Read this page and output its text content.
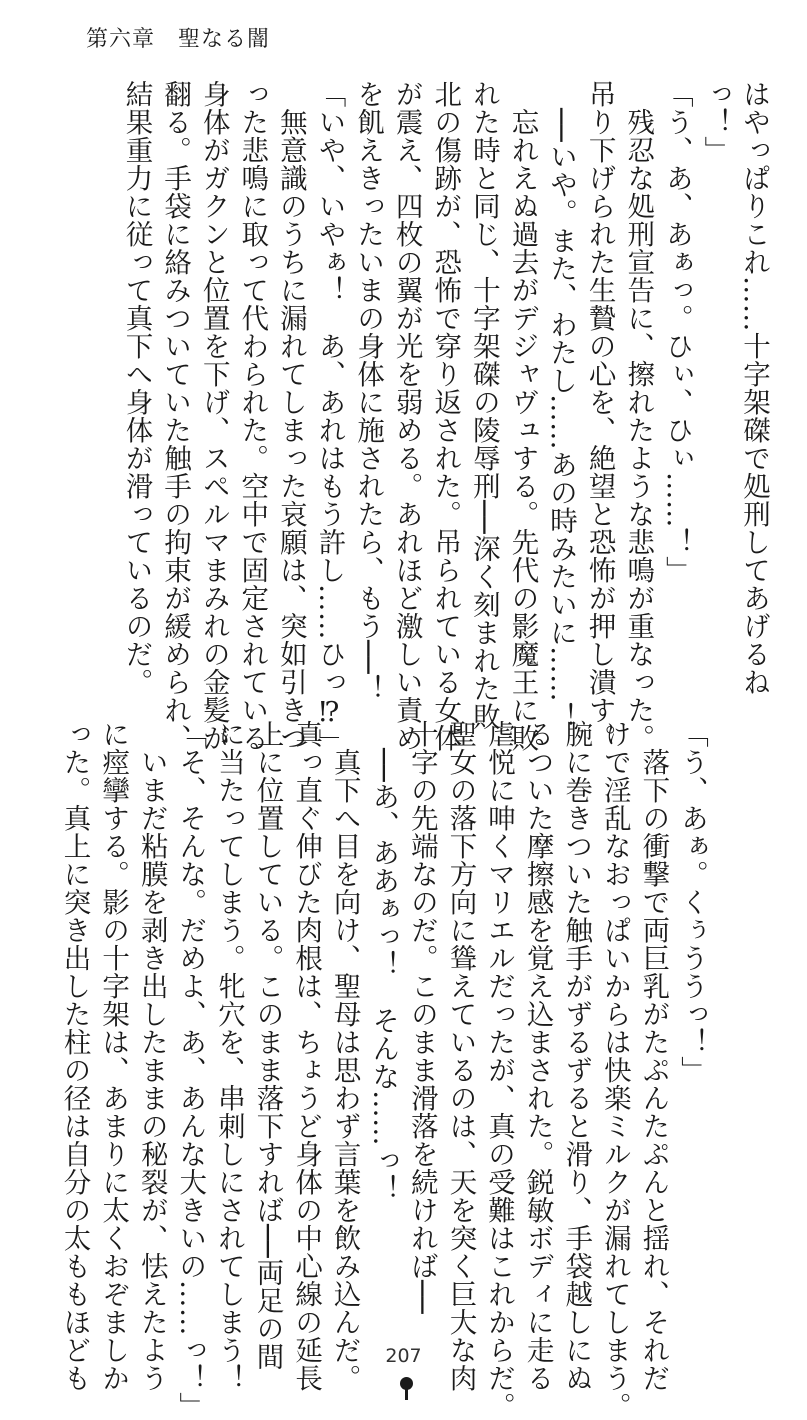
第六章　聖なる闇

はやっぱりこれ……十字架磔で処刑してあげるね

っ！」

「う、あ、あぁっ。ひぃ、ひぃ……！」

　残忍な処刑宣告に、擦れたような悲鳴が重なった。

吊り下げられた生贄の心を、絶望と恐怖が押し潰す。

　──いや。また、わたし……あの時みたいに……！

　忘れえぬ過去がデジャヴュする。先代の影魔王に敗

れた時と同じ、十字架磔の陵辱刑──深く刻まれた敗

北の傷跡が、恐怖で穿り返された。吊られている女体

が震え、四枚の翼が光を弱める。あれほど激しい責め

を飢えきったいまの身体に施されたら、もう──！

「いや、いやぁ！　あ、あれはもう許し……ひっ⁉」

　無意識のうちに漏れてしまった哀願は、突如引きつ

った悲鳴に取って代わられた。空中で固定されている

身体がガクンと位置を下げ、スペルマまみれの金髪が

翻る。手袋に絡みついていた触手の拘束が緩められ、

結果重力に従って真下へ身体が滑っているのだ。

「う、あぁ。くぅううっ！」

　落下の衝撃で両巨乳がたぷんたぷんと揺れ、それだ

けで淫乱なおっぱいからは快楽ミルクが漏れてしまう。

腕に巻きついた触手がずるずると滑り、手袋越しにぬ

るついた摩擦感を覚え込まされた。鋭敏ボディに走る

虐悦に呻くマリエルだったが、真の受難はこれからだ。

聖女の落下方向に聳えているのは、天を突く巨大な肉

十字の先端なのだ。このまま滑落を続ければ──

　──あ、ああぁっ！　そんな……っ！

　真下へ目を向け、聖母は思わず言葉を飲み込んだ。

真っ直ぐ伸びた肉根は、ちょうど身体の中心線の延長

上に位置している。このまま落下すれば──両足の間

に当たってしまう。牝穴を、串刺しにされてしまう！

「そ、そんな。だめよ、あ、あんな大きいの……っ！」

　いまだ粘膜を剥き出したままの秘裂が、怯えたよう

に痙攣する。影の十字架は、あまりに太くおぞましか

った。真上に突き出した柱の径は自分の太ももほども	207
